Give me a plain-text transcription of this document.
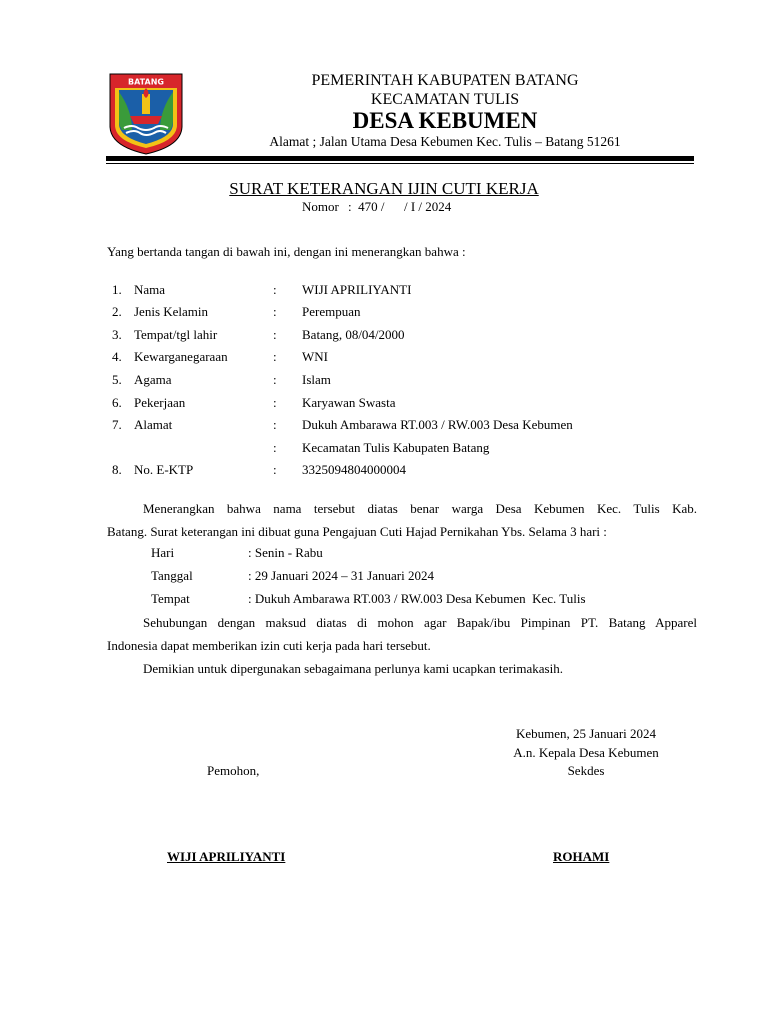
BATANG	PEMERINTAH KABUPATEN BATANG
KECAMATAN TULIS
DESA KEBUMEN
Alamat ; Jalan Utama Desa Kebumen Kec. Tulis – Batang 51261
SURAT KETERANGAN IJIN CUTI KERJA
Nomor :  470 /      / I / 2024
Yang bertanda tangan di bawah ini, dengan ini menerangkan bahwa :
1. Nama	: WIJI APRILIYANTI
2. Jenis Kelamin	: Perempuan
3. Tempat/tgl lahir	: Batang, 08/04/2000
4. Kewarganegaraan	: WNI
5. Agama	: Islam
6. Pekerjaan	: Karyawan Swasta
7. Alamat	: Dukuh Ambarawa RT.003 / RW.003 Desa Kebumen
: Kecamatan Tulis Kabupaten Batang
8. No. E-KTP	: 3325094804000004
Menerangkan bahwa nama tersebut diatas benar warga Desa Kebumen Kec. Tulis Kab.
Batang. Surat keterangan ini dibuat guna Pengajuan Cuti Hajad Pernikahan Ybs. Selama 3 hari :
Hari	: Senin - Rabu
Tanggal	: 29 Januari 2024 – 31 Januari 2024
Tempat	: Dukuh Ambarawa RT.003 / RW.003 Desa Kebumen  Kec. Tulis
Sehubungan dengan maksud diatas di mohon agar Bapak/ibu Pimpinan PT. Batang Apparel
Indonesia dapat memberikan izin cuti kerja pada hari tersebut.
Demikian untuk dipergunakan sebagaimana perlunya kami ucapkan terimakasih.
Kebumen, 25 Januari 2024
A.n. Kepala Desa Kebumen
Sekdes
Pemohon,
WIJI APRILIYANTI	ROHAMI
